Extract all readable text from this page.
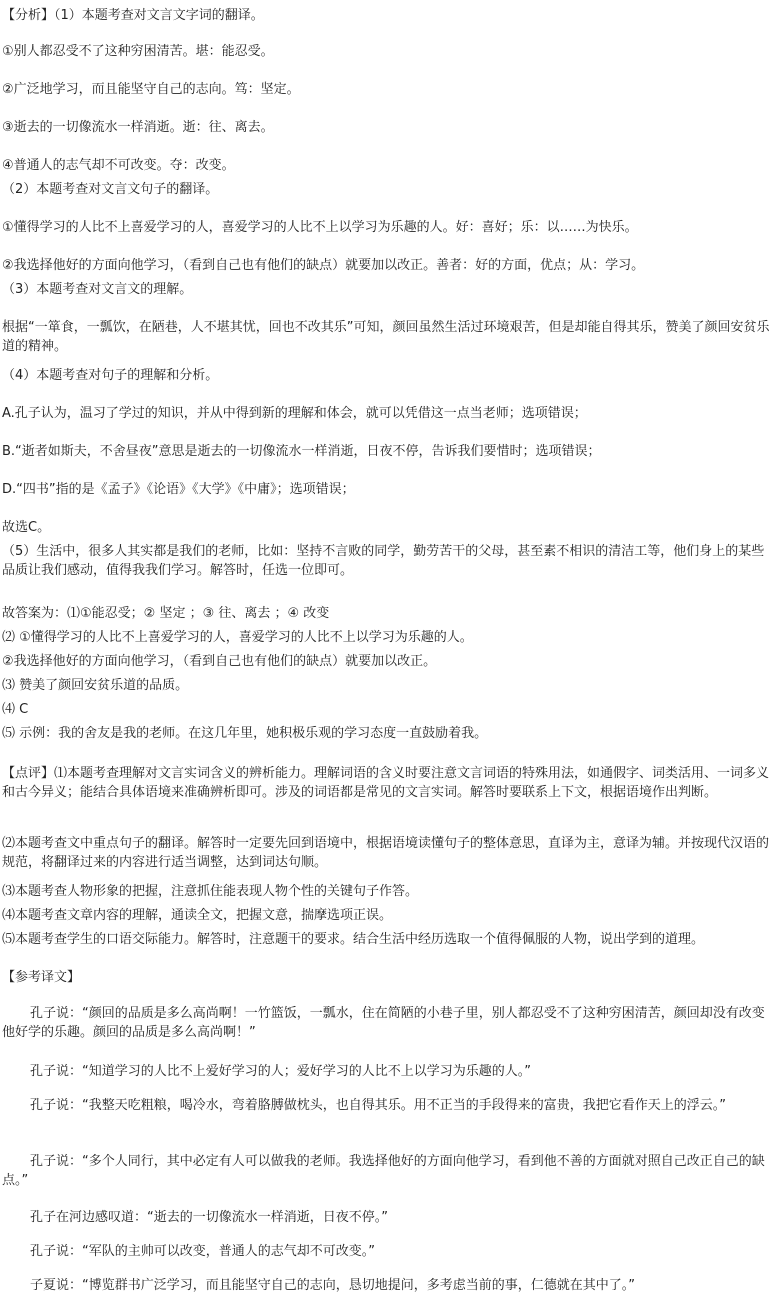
【分析】（1）本题考查对文言文字词的翻译。
①别人都忍受不了这种穷困清苦。堪：能忍受。
②广泛地学习，而且能坚守自己的志向。笃：坚定。
③逝去的一切像流水一样消逝。逝：往、离去。
④普通人的志气却不可改变。夺：改变。
（2）本题考查对文言文句子的翻译。
①懂得学习的人比不上喜爱学习的人，喜爱学习的人比不上以学习为乐趣的人。好：喜好；乐：以……为快乐。
②我选择他好的方面向他学习，（看到自己也有他们的缺点）就要加以改正。善者：好的方面，优点；从：学习。
（3）本题考查对文言文的理解。
根据“一箪食，一瓢饮，在陋巷，人不堪其忧，回也不改其乐”可知，颜回虽然生活过环境艰苦，但是却能自得其乐，赞美了颜回安贫乐道的精神。
（4）本题考查对句子的理解和分析。
A.孔子认为，温习了学过的知识，并从中得到新的理解和体会，就可以凭借这一点当老师；选项错误；
B.“逝者如斯夫，不舍昼夜”意思是逝去的一切像流水一样消逝，日夜不停，告诉我们要惜时；选项错误；
D.“四书”指的是《孟子》《论语》《大学》《中庸》；选项错误；
故选C。
（5）生活中，很多人其实都是我们的老师，比如：坚持不言败的同学，勤劳苦干的父母，甚至素不相识的清洁工等，他们身上的某些品质让我们感动，值得我我们学习。解答时，任选一位即可。
故答案为：⑴①能忍受；② 坚定 ；③ 往、离去 ；④ 改变
⑵ ①懂得学习的人比不上喜爱学习的人，喜爱学习的人比不上以学习为乐趣的人。
②我选择他好的方面向他学习，（看到自己也有他们的缺点）就要加以改正。
⑶ 赞美了颜回安贫乐道的品质。
⑷ C
⑸ 示例：我的舍友是我的老师。在这几年里，她积极乐观的学习态度一直鼓励着我。
【点评】⑴本题考查理解对文言实词含义的辨析能力。理解词语的含义时要注意文言词语的特殊用法，如通假字、词类活用、一词多义和古今异义；能结合具体语境来准确辨析即可。涉及的词语都是常见的文言实词。解答时要联系上下文，根据语境作出判断。
⑵本题考查文中重点句子的翻译。解答时一定要先回到语境中，根据语境读懂句子的整体意思，直译为主，意译为辅。并按现代汉语的规范，将翻译过来的内容进行适当调整，达到词达句顺。
⑶本题考查人物形象的把握，注意抓住能表现人物个性的关键句子作答。
⑷本题考查文章内容的理解，通读全文，把握文意，揣摩选项正误。
⑸本题考查学生的口语交际能力。解答时，注意题干的要求。结合生活中经历选取一个值得佩服的人物，说出学到的道理。
【参考译文】
孔子说：“颜回的品质是多么高尚啊！一竹篮饭，一瓢水，住在简陋的小巷子里，别人都忍受不了这种穷困清苦，颜回却没有改变他好学的乐趣。颜回的品质是多么高尚啊！”
孔子说：“知道学习的人比不上爱好学习的人；爱好学习的人比不上以学习为乐趣的人。”
孔子说：“我整天吃粗粮，喝冷水，弯着胳膊做枕头，也自得其乐。用不正当的手段得来的富贵，我把它看作天上的浮云。”
孔子说：“多个人同行，其中必定有人可以做我的老师。我选择他好的方面向他学习，看到他不善的方面就对照自己改正自己的缺点。”
孔子在河边感叹道：“逝去的一切像流水一样消逝，日夜不停。”
孔子说：“军队的主帅可以改变，普通人的志气却不可改变。”
子夏说：“博览群书广泛学习，而且能坚守自己的志向，恳切地提问，多考虑当前的事，仁德就在其中了。”
